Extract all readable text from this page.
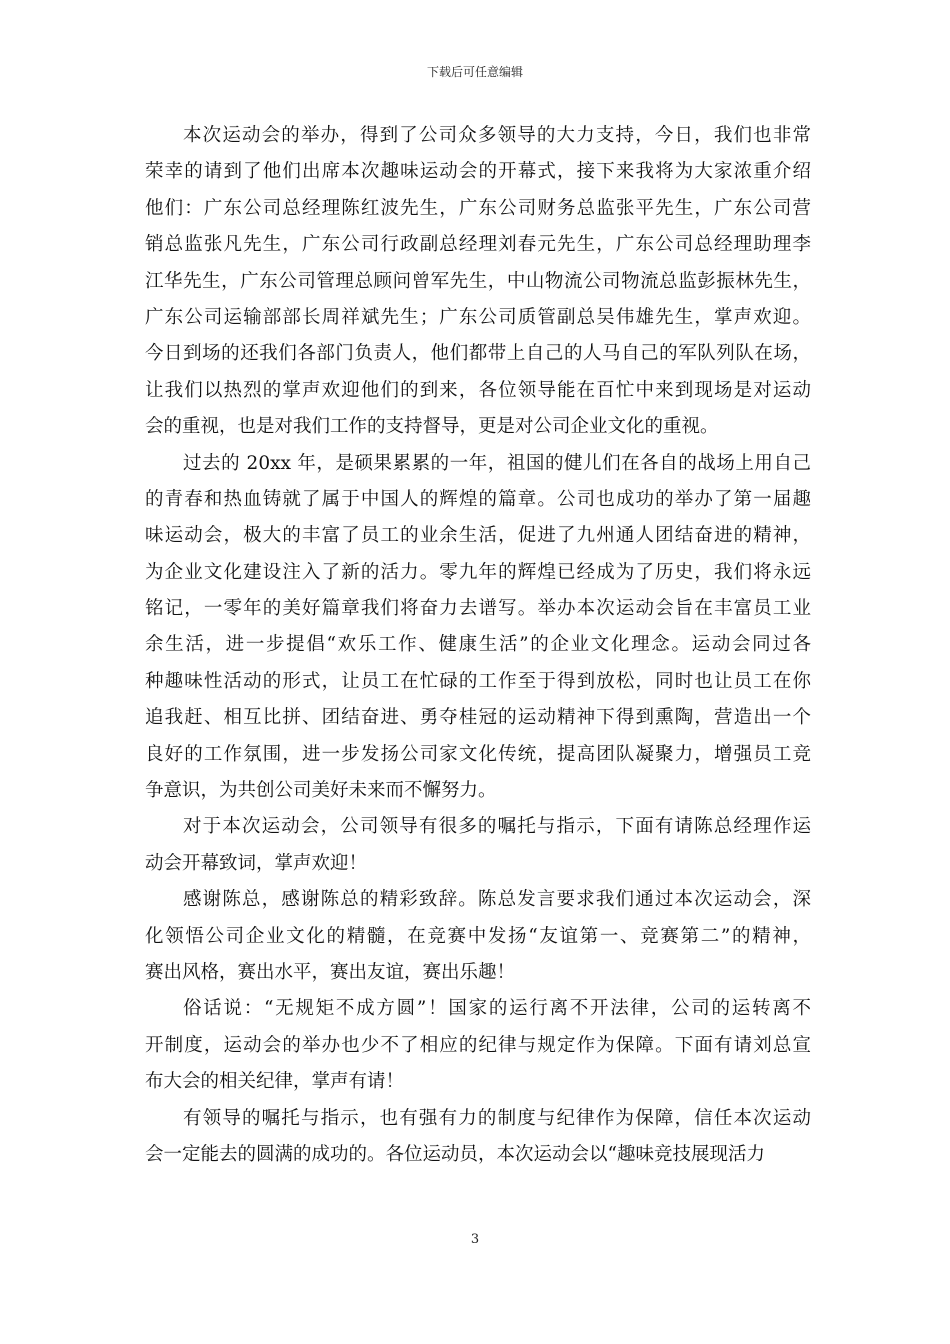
下载后可任意编辑
本次运动会的举办，得到了公司众多领导的大力支持，今日，我们也非常
荣幸的请到了他们出席本次趣味运动会的开幕式，接下来我将为大家浓重介绍
他们：广东公司总经理陈红波先生，广东公司财务总监张平先生，广东公司营
销总监张凡先生，广东公司行政副总经理刘春元先生，广东公司总经理助理李
江华先生，广东公司管理总顾问曾军先生，中山物流公司物流总监彭振林先生，
广东公司运输部部长周祥斌先生；广东公司质管副总吴伟雄先生，掌声欢迎。
今日到场的还我们各部门负责人，他们都带上自己的人马自己的军队列队在场，
让我们以热烈的掌声欢迎他们的到来，各位领导能在百忙中来到现场是对运动
会的重视，也是对我们工作的支持督导，更是对公司企业文化的重视。
过去的 20xx 年，是硕果累累的一年，祖国的健儿们在各自的战场上用自己
的青春和热血铸就了属于中国人的辉煌的篇章。公司也成功的举办了第一届趣
味运动会，极大的丰富了员工的业余生活，促进了九州通人团结奋进的精神，
为企业文化建设注入了新的活力。零九年的辉煌已经成为了历史，我们将永远
铭记，一零年的美好篇章我们将奋力去谱写。举办本次运动会旨在丰富员工业
余生活，进一步提倡“欢乐工作、健康生活”的企业文化理念。运动会同过各
种趣味性活动的形式，让员工在忙碌的工作至于得到放松，同时也让员工在你
追我赶、相互比拼、团结奋进、勇夺桂冠的运动精神下得到熏陶，营造出一个
良好的工作氛围，进一步发扬公司家文化传统，提高团队凝聚力，增强员工竞
争意识，为共创公司美好未来而不懈努力。
对于本次运动会，公司领导有很多的嘱托与指示，下面有请陈总经理作运
动会开幕致词，掌声欢迎！
感谢陈总，感谢陈总的精彩致辞。陈总发言要求我们通过本次运动会，深
化领悟公司企业文化的精髓，在竞赛中发扬“友谊第一、竞赛第二”的精神，
赛出风格，赛出水平，赛出友谊，赛出乐趣！
俗话说：“无规矩不成方圆”！国家的运行离不开法律，公司的运转离不
开制度，运动会的举办也少不了相应的纪律与规定作为保障。下面有请刘总宣
布大会的相关纪律，掌声有请！
有领导的嘱托与指示，也有强有力的制度与纪律作为保障，信任本次运动
会一定能去的圆满的成功的。各位运动员，本次运动会以“趣味竞技展现活力
3
